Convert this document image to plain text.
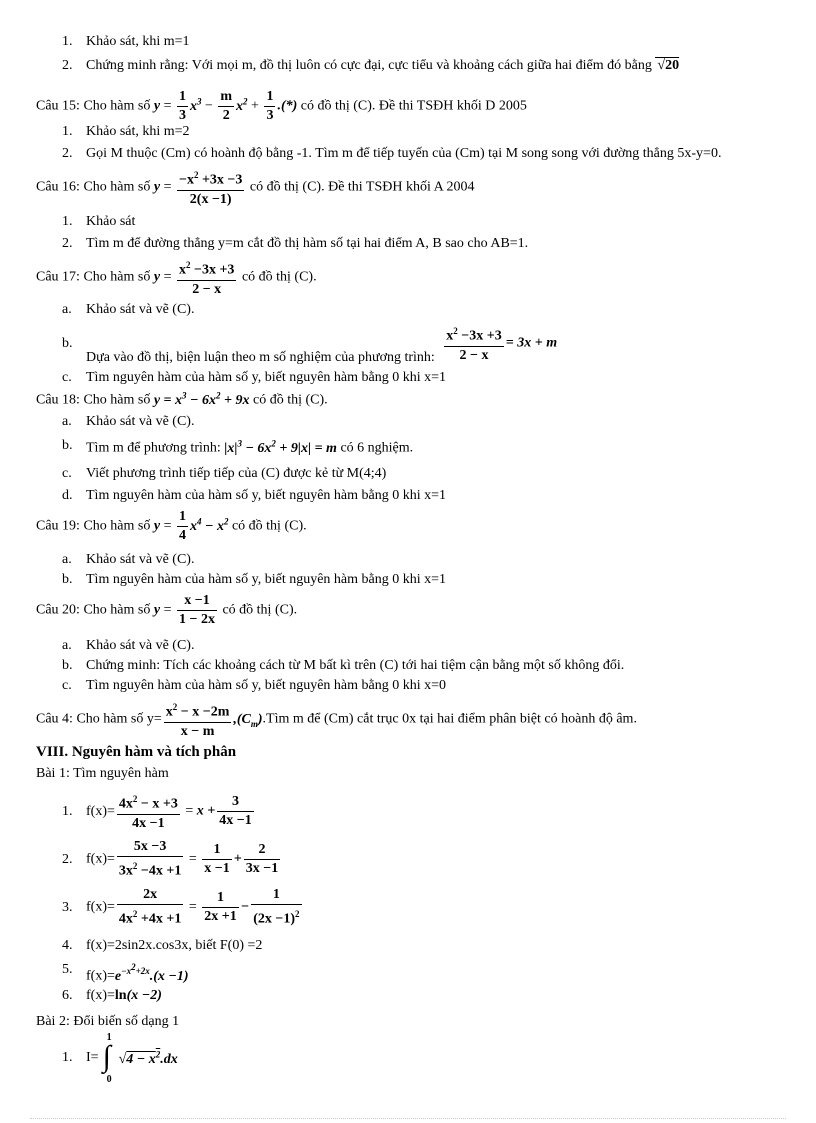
1. Khảo sát, khi m=1
2. Chứng minh rằng: Với mọi m, đồ thị luôn có cực đại, cực tiểu và khoảng cách giữa hai điểm đó bằng √20
Câu 15: Cho hàm số $y = \frac{1}{3} x^3 - \frac{m}{2} x^2 + \frac{1}{3}$ .(*) có đồ thị (C). Đề thi TSĐH khối D 2005
1. Khảo sát, khi m=2
2. Gọi M thuộc (Cm) có hoành độ bằng -1. Tìm m để tiếp tuyến của (Cm) tại M song song với đường thẳng 5x-y=0.
Câu 16: Cho hàm số $y = \frac{-x^2 +3x -3}{2(x -1)}$ có đồ thị (C). Đề thi TSĐH khối A 2004
1. Khảo sát
2. Tìm m để đường thẳng y=m cắt đồ thị hàm số tại hai điểm A, B sao cho AB=1.
Câu 17: Cho hàm số $y = \frac{x^2 -3x +3}{2 - x}$ có đồ thị (C).
a. Khảo sát và vẽ (C).
b.
Dựa vào đồ thị, biện luận theo m số nghiệm của phương trình: $\frac{x^2 -3x +3}{2 - x} = 3x + m$
c. Tìm nguyên hàm của hàm số y, biết nguyên hàm bằng 0 khi x=1
Câu 18: Cho hàm số $y = x^3 - 6x^2 + 9x$ có đồ thị (C).
a. Khảo sát và vẽ (C).
b. Tìm m để phương trình: $|x|^3 - 6x^2 + 9|x| = m$ có 6 nghiệm.
c. Viết phương trình tiếp tiếp của (C) được kẻ từ M(4;4)
d. Tìm nguyên hàm của hàm số y, biết nguyên hàm bằng 0 khi x=1
Câu 19: Cho hàm số $y = \frac{1}{4} x^4 - x^2$ có đồ thị (C).
a. Khảo sát và vẽ (C).
b. Tìm nguyên hàm của hàm số y, biết nguyên hàm bằng 0 khi x=1
Câu 20: Cho hàm số $y = \frac{x -1}{1 - 2x}$ có đồ thị (C).
a. Khảo sát và vẽ (C).
b. Chứng minh: Tích các khoảng cách từ M bất kì trên (C) tới hai tiệm cận bằng một số không đổi.
c. Tìm nguyên hàm của hàm số y, biết nguyên hàm bằng 0 khi x=0
Câu 4: Cho hàm số $y= \frac{x^2 - x -2m}{x - m}$ $,(C_m).Tìm$ m để (Cm) cắt trục 0x tại hai điểm phân biệt có hoành độ âm.
VIII. Nguyên hàm và tích phân
Bài 1: Tìm nguyên hàm
1. $f(x)= \frac{4x^2 - x +3}{4x -1} = x + \frac{3}{4x -1}$
2. $f(x)= \frac{5x -3}{3x^2 -4x +1} = \frac{1}{x -1} + \frac{2}{3x -1}$
3. $f(x)= \frac{2x}{4x^2 +4x +1} = \frac{1}{2x +1} - \frac{1}{(2x -1)^2}$
4. f(x)=2sin2x.cos3x, biết F(0) =2
5. $f(x)=e^{-x^2+2x}.(x -1)$
6. f(x)=ln(x −2)
Bài 2: Đổi biến số dạng 1
1. I=
1
∫
0
$√4 - x^2.dx$
